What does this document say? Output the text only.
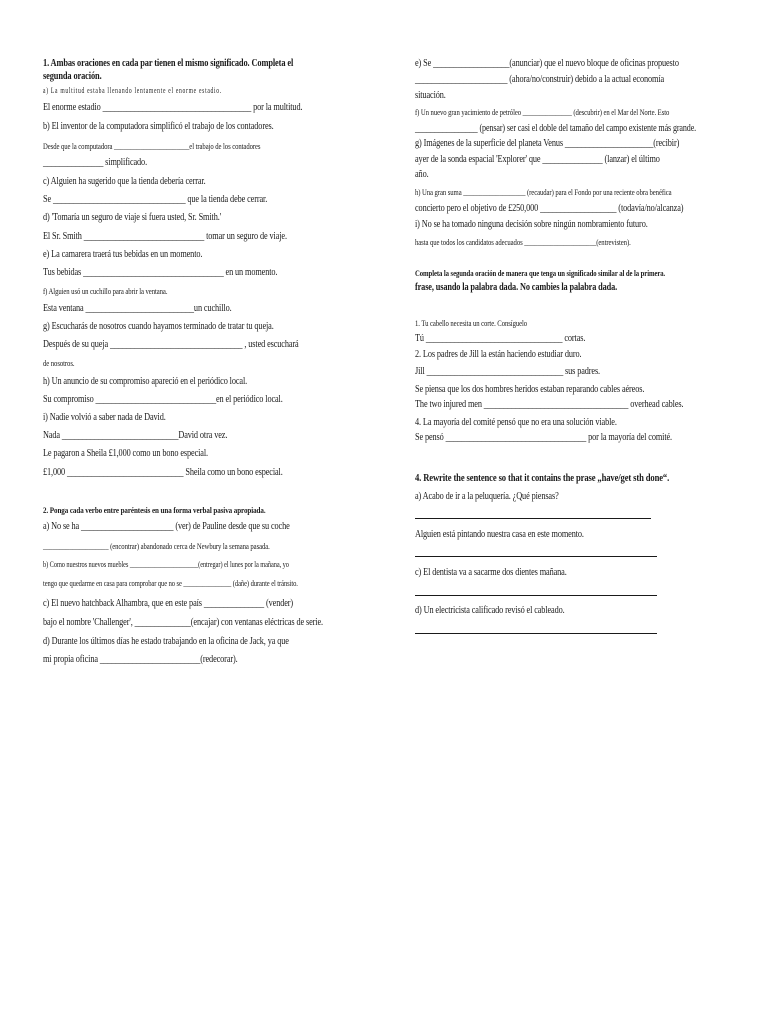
1. Ambas oraciones en cada par tienen el mismo significado. Completa el
segunda oración.
a) La multitud estaba llenando lentamente el enorme estadio.
El enorme estadio _____________________________________ por la multitud.
b) El inventor de la computadora simplificó el trabajo de los contadores.
Desde que la computadora _______________________el trabajo de los contadores
_______________ simplificado.
c) Alguien ha sugerido que la tienda debería cerrar.
Se _________________________________ que la tienda debe cerrar.
d) 'Tomaría un seguro de viaje si fuera usted, Sr. Smith.'
El Sr. Smith ______________________________ tomar un seguro de viaje.
e) La camarera traerá tus bebidas en un momento.
Tus bebidas ___________________________________ en un momento.
f) Alguien usó un cuchillo para abrir la ventana.
Esta ventana ___________________________un cuchillo.
g) Escucharás de nosotros cuando hayamos terminado de tratar tu queja.
Después de su queja _________________________________ , usted escuchará
de nosotros.
h) Un anuncio de su compromiso apareció en el periódico local.
Su compromiso ______________________________en el periódico local.
i) Nadie volvió a saber nada de David.
Nada _____________________________David otra vez.
Le pagaron a Sheila £1,000 como un bono especial.
£1,000 _____________________________ Sheila como un bono especial.
2. Ponga cada verbo entre paréntesis en una forma verbal pasiva apropiada.
a) No se ha _______________________ (ver) de Pauline desde que su coche
____________________ (encontrar) abandonado cerca de Newbury la semana pasada.
b) Como nuestros nuevos muebles ______________________(entregar) el lunes por la mañana, yo
tengo que quedarme en casa para comprobar que no se _______________ (dañe) durante el tránsito.
c) El nuevo hatchback Alhambra, que en este país _______________ (vender)
bajo el nombre 'Challenger', ______________(encajar) con ventanas eléctricas de serie.
d) Durante los últimos días he estado trabajando en la oficina de Jack, ya que
mi propia oficina _________________________(redecorar).
e) Se ___________________(anunciar) que el nuevo bloque de oficinas propuesto
_______________________ (ahora/no/construir) debido a la actual economía
situación.
f) Un nuevo gran yacimiento de petróleo _______________ (descubrir) en el Mar del Norte. Esto
________________ (pensar) ser casi el doble del tamaño del campo existente más grande.
g) Imágenes de la superficie del planeta Venus ______________________(recibir)
ayer de la sonda espacial 'Explorer' que _______________ (lanzar) el último
año.
h) Una gran suma ___________________ (recaudar) para el Fondo por una reciente obra benéfica
concierto pero el objetivo de £250,000 ___________________ (todavía/no/alcanza)
i) No se ha tomado ninguna decisión sobre ningún nombramiento futuro.
hasta que todos los candidatos adecuados ______________________(entrevisten).
Completa la segunda oración de manera que tenga un significado similar al de la primera.
frase, usando la palabra dada. No cambies la palabra dada.
1. Tu cabello necesita un corte. Consíguelo
Tú __________________________________ cortas.
2. Los padres de Jill la están haciendo estudiar duro.
Jill __________________________________ sus padres.
Se piensa que los dos hombres heridos estaban reparando cables aéreos.
The two injured men ____________________________________ overhead cables.
4. La mayoría del comité pensó que no era una solución viable.
Se pensó ___________________________________ por la mayoría del comité.
4. Rewrite the sentence so that it contains the prase „have/get sth done“.
a) Acabo de ir a la peluquería. ¿Qué piensas?
Alguien está pintando nuestra casa en este momento.
c) El dentista va a sacarme dos dientes mañana.
d) Un electricista calificado revisó el cableado.
